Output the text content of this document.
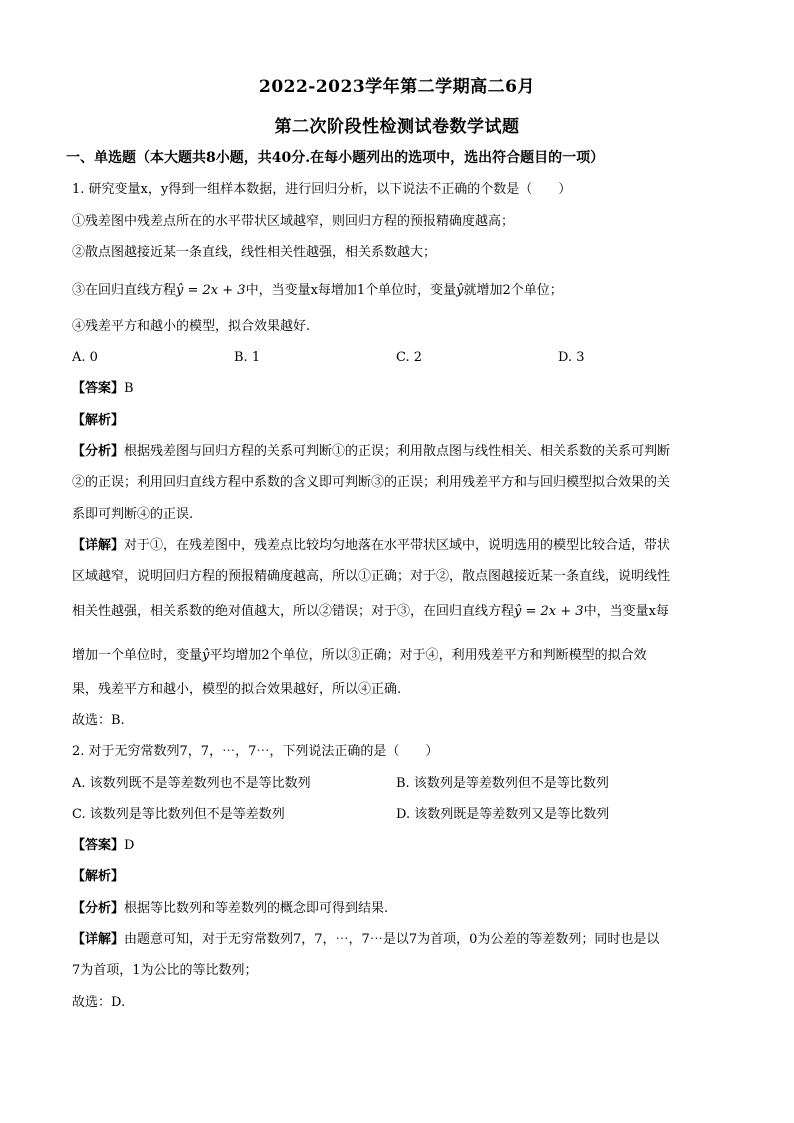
2022-2023学年第二学期高二6月
第二次阶段性检测试卷数学试题
一、单选题（本大题共8小题，共40分.在每小题列出的选项中，选出符合题目的一项）
1. 研究变量x，y得到一组样本数据，进行回归分析，以下说法不正确的个数是（　　）
①残差图中残差点所在的水平带状区域越窄，则回归方程的预报精确度越高；
②散点图越接近某一条直线，线性相关性越强，相关系数越大；
③在回归直线方程ŷ = 2x + 3中，当变量x每增加1个单位时，变量ŷ就增加2个单位；
④残差平方和越小的模型，拟合效果越好.
A. 0	B. 1	C. 2	D. 3
【答案】B
【解析】
【分析】根据残差图与回归方程的关系可判断①的正误；利用散点图与线性相关、相关系数的关系可判断
②的正误；利用回归直线方程中系数的含义即可判断③的正误；利用残差平方和与回归模型拟合效果的关
系即可判断④的正误.
【详解】对于①，在残差图中，残差点比较均匀地落在水平带状区域中，说明选用的模型比较合适，带状
区域越窄，说明回归方程的预报精确度越高，所以①正确；对于②，散点图越接近某一条直线，说明线性
相关性越强，相关系数的绝对值越大，所以②错误；对于③，在回归直线方程ŷ = 2x + 3中，当变量x每
增加一个单位时，变量ŷ平均增加2个单位，所以③正确；对于④，利用残差平方和判断模型的拟合效
果，残差平方和越小，模型的拟合效果越好，所以④正确.
故选：B.
2. 对于无穷常数列7，7，⋯，7⋯，下列说法正确的是（　　）
A. 该数列既不是等差数列也不是等比数列	B. 该数列是等差数列但不是等比数列
C. 该数列是等比数列但不是等差数列	D. 该数列既是等差数列又是等比数列
【答案】D
【解析】
【分析】根据等比数列和等差数列的概念即可得到结果.
【详解】由题意可知，对于无穷常数列7，7，⋯，7⋯是以7为首项，0为公差的等差数列；同时也是以
7为首项，1为公比的等比数列；
故选：D.
